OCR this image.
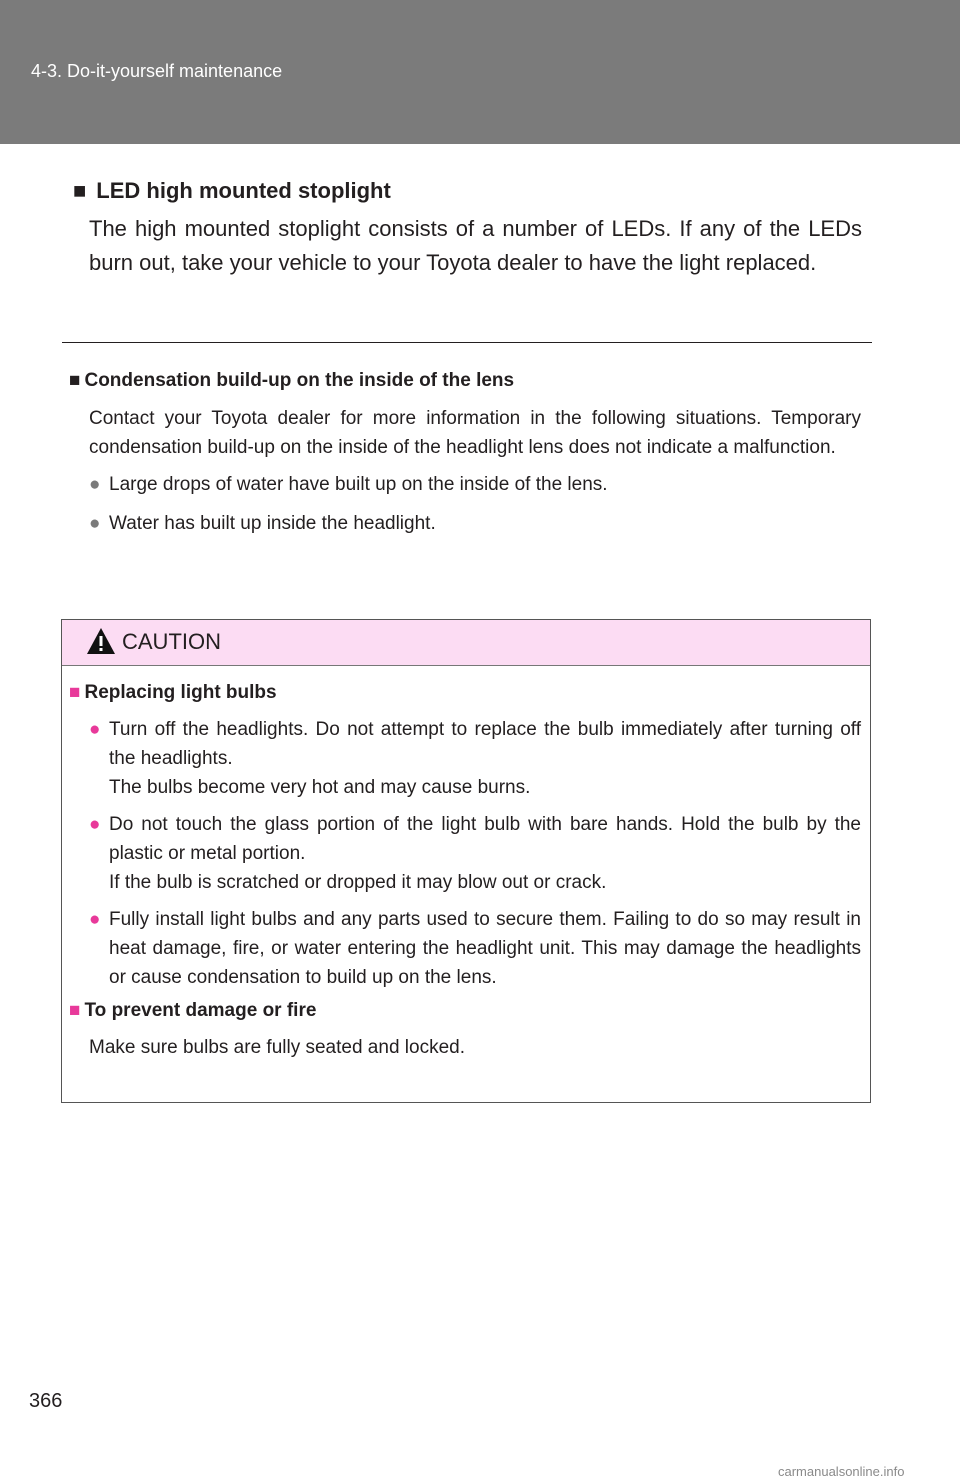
4-3. Do-it-yourself maintenance
■ LED high mounted stoplight

The high mounted stoplight consists of a number of LEDs. If any of the LEDs burn out, take your vehicle to your Toyota dealer to have the light replaced.

■ Condensation build-up on the inside of the lens

Contact your Toyota dealer for more information in the following situations. Temporary condensation build-up on the inside of the headlight lens does not indicate a malfunction.

● Large drops of water have built up on the inside of the lens.
● Water has built up inside the headlight.
CAUTION
■ Replacing light bulbs
● Turn off the headlights. Do not attempt to replace the bulb immediately after turning off the headlights.
The bulbs become very hot and may cause burns.
● Do not touch the glass portion of the light bulb with bare hands. Hold the bulb by the plastic or metal portion.
If the bulb is scratched or dropped it may blow out or crack.
● Fully install light bulbs and any parts used to secure them. Failing to do so may result in heat damage, fire, or water entering the headlight unit. This may damage the headlights or cause condensation to build up on the lens.
■ To prevent damage or fire

Make sure bulbs are fully seated and locked.

366
carmanualsonline.info
